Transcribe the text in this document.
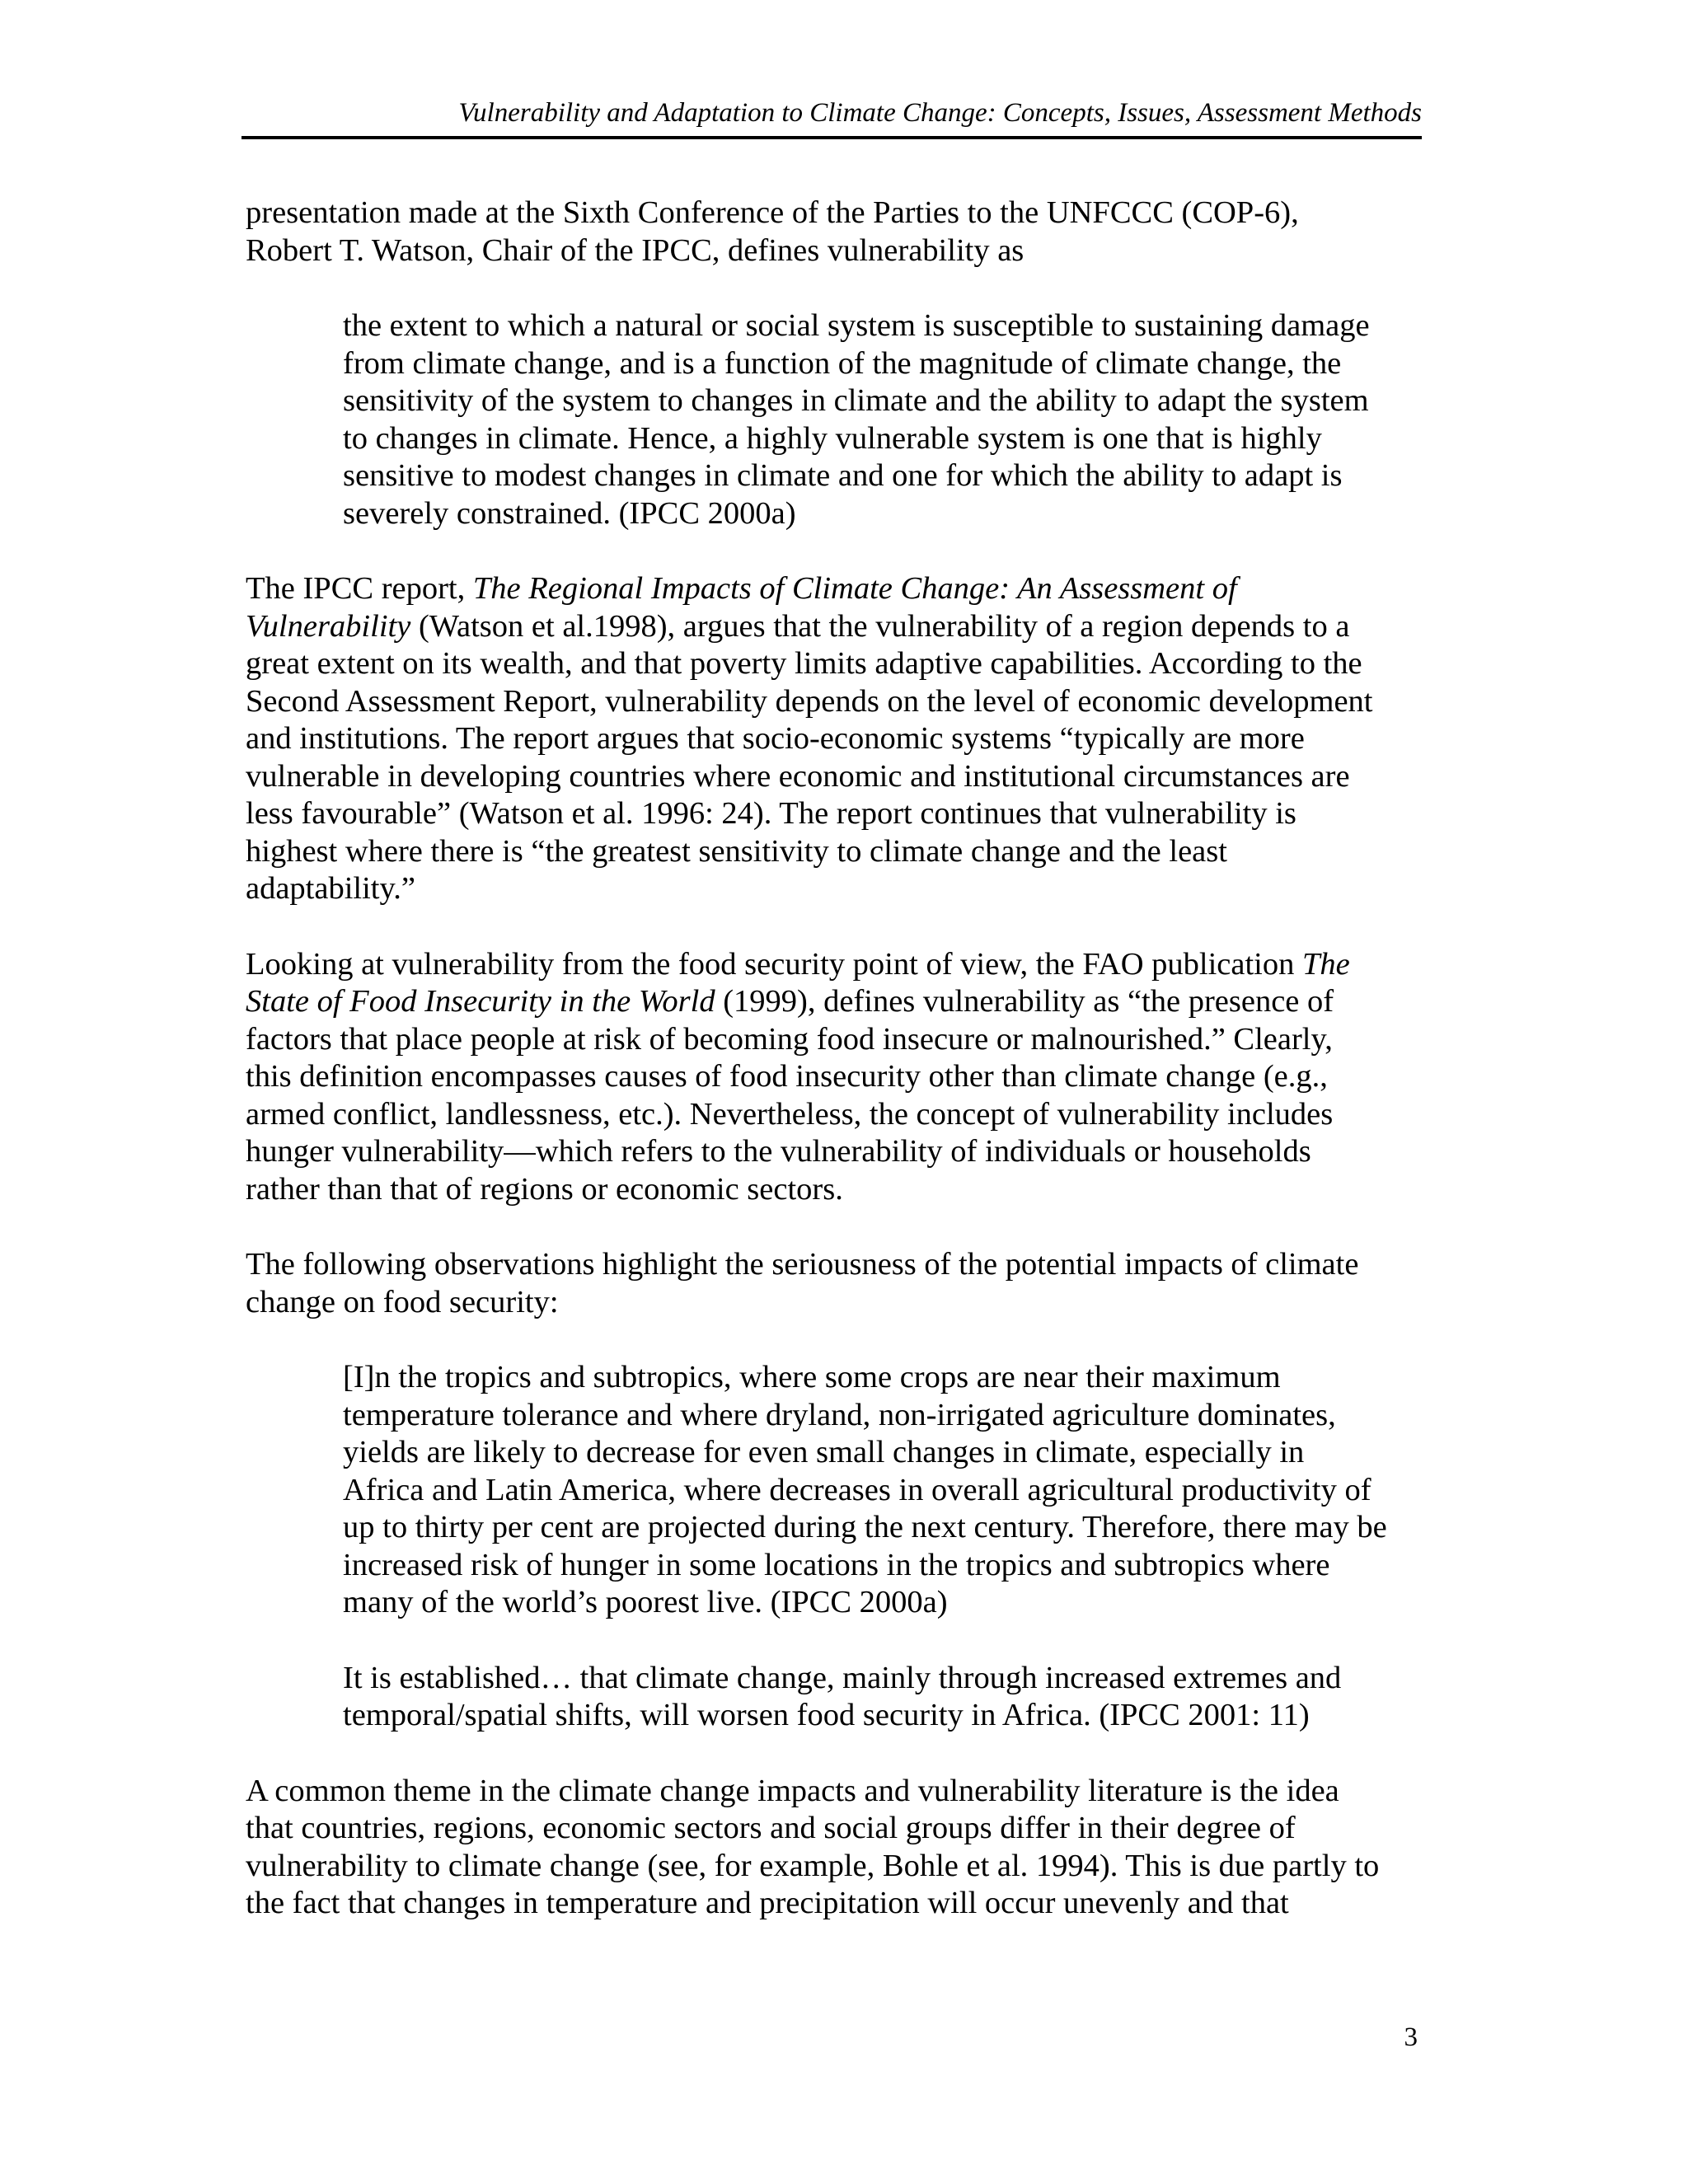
Vulnerability and Adaptation to Climate Change: Concepts, Issues, Assessment Methods
presentation made at the Sixth Conference of the Parties to the UNFCCC (COP-6),
Robert T. Watson, Chair of the IPCC, defines vulnerability as
the extent to which a natural or social system is susceptible to sustaining damage
from climate change, and is a function of the magnitude of climate change, the
sensitivity of the system to changes in climate and the ability to adapt the system
to changes in climate. Hence, a highly vulnerable system is one that is highly
sensitive to modest changes in climate and one for which the ability to adapt is
severely constrained. (IPCC 2000a)
The IPCC report, The Regional Impacts of Climate Change: An Assessment of
Vulnerability (Watson et al.1998), argues that the vulnerability of a region depends to a
great extent on its wealth, and that poverty limits adaptive capabilities. According to the
Second Assessment Report, vulnerability depends on the level of economic development
and institutions. The report argues that socio-economic systems “typically are more
vulnerable in developing countries where economic and institutional circumstances are
less favourable” (Watson et al. 1996: 24). The report continues that vulnerability is
highest where there is “the greatest sensitivity to climate change and the least
adaptability.”
Looking at vulnerability from the food security point of view, the FAO publication The
State of Food Insecurity in the World (1999), defines vulnerability as “the presence of
factors that place people at risk of becoming food insecure or malnourished.” Clearly,
this definition encompasses causes of food insecurity other than climate change (e.g.,
armed conflict, landlessness, etc.). Nevertheless, the concept of vulnerability includes
hunger vulnerability—which refers to the vulnerability of individuals or households
rather than that of regions or economic sectors.
The following observations highlight the seriousness of the potential impacts of climate
change on food security:
[I]n the tropics and subtropics, where some crops are near their maximum
temperature tolerance and where dryland, non-irrigated agriculture dominates,
yields are likely to decrease for even small changes in climate, especially in
Africa and Latin America, where decreases in overall agricultural productivity of
up to thirty per cent are projected during the next century. Therefore, there may be
increased risk of hunger in some locations in the tropics and subtropics where
many of the world’s poorest live. (IPCC 2000a)
It is established… that climate change, mainly through increased extremes and
temporal/spatial shifts, will worsen food security in Africa. (IPCC 2001: 11)
A common theme in the climate change impacts and vulnerability literature is the idea
that countries, regions, economic sectors and social groups differ in their degree of
vulnerability to climate change (see, for example, Bohle et al. 1994). This is due partly to
the fact that changes in temperature and precipitation will occur unevenly and that
3
